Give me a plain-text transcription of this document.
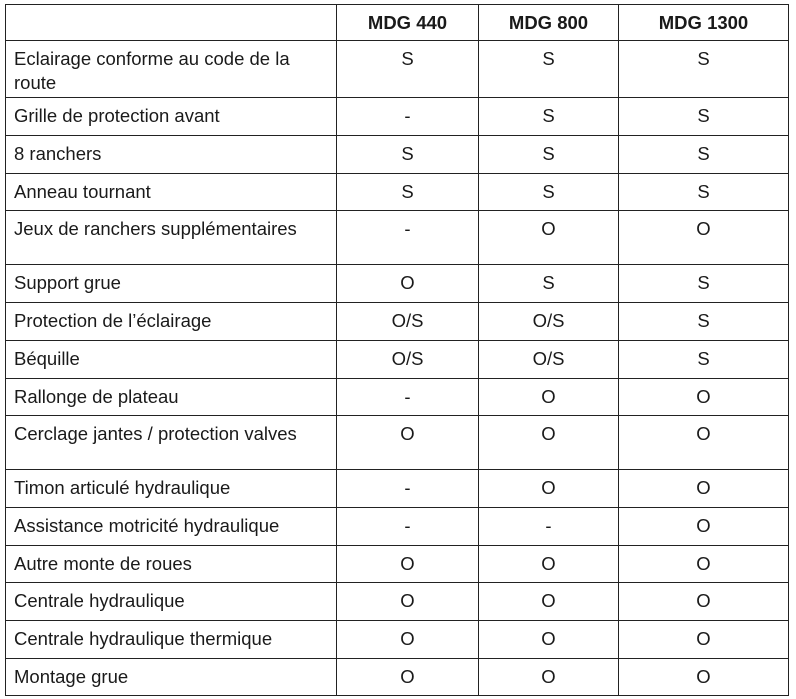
	MDG 440	MDG 800	MDG 1300
Eclairage conforme au code de la route	S	S	S
Grille de protection avant	-	S	S
8 ranchers	S	S	S
Anneau tournant	S	S	S
Jeux de ranchers supplémentaires	-	O	O
Support grue	O	S	S
Protection de l’éclairage	O/S	O/S	S
Béquille	O/S	O/S	S
Rallonge de plateau	-	O	O
Cerclage jantes / protection valves	O	O	O
Timon articulé hydraulique	-	O	O
Assistance motricité hydraulique	-	-	O
Autre monte de roues	O	O	O
Centrale hydraulique	O	O	O
Centrale hydraulique thermique	O	O	O
Montage grue	O	O	O
